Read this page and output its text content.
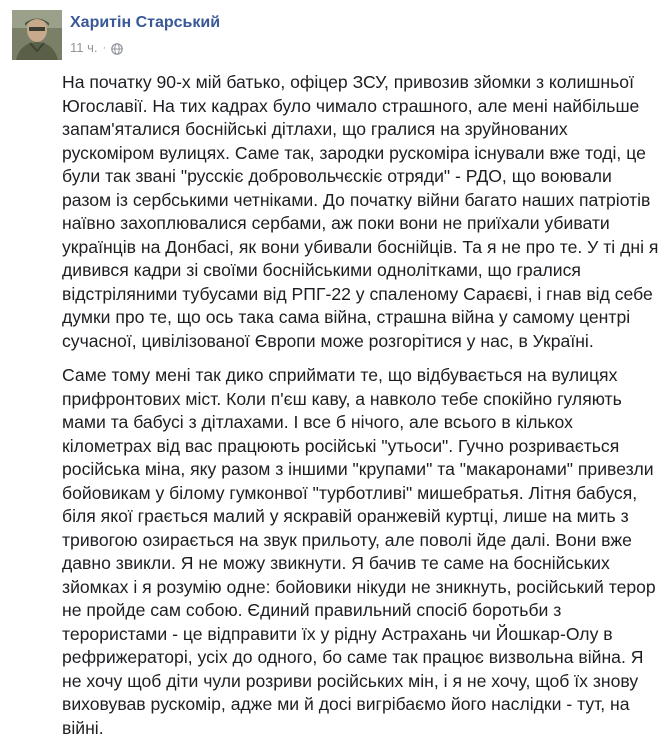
Харитін Старський
11 ч. ·

На початку 90-х мій батько, офіцер ЗСУ, привозив зйомки з колишньої
Югославії. На тих кадрах було чимало страшного, але мені найбільше
запам'яталися боснійські дітлахи, що гралися на зруйнованих
рускоміром вулицях. Саме так, зародки рускоміра існували вже тоді, це
були так звані "русскіє добровольчєскіє отряди" - РДО, що воювали
разом із сербськими четніками. До початку війни багато наших патріотів
наївно захоплювалися сербами, аж поки вони не приїхали убивати
українців на Донбасі, як вони убивали боснійців. Та я не про те. У ті дні я
дивився кадри зі своїми боснійськими однолітками, що гралися
відстріляними тубусами від РПГ-22 у спаленому Сараєві, і гнав від себе
думки про те, що ось така сама війна, страшна війна у самому центрі
сучасної, цивілізованої Європи може розгорітися у нас, в Україні.

Саме тому мені так дико сприймати те, що відбувається на вулицях
прифронтових міст. Коли п'єш каву, а навколо тебе спокійно гуляють
мами та бабусі з дітлахами. І все б нічого, але всього в кількох
кілометрах від вас працюють російські "утьоси". Гучно розривається
російська міна, яку разом з іншими "крупами" та "макаронами" привезли
бойовикам у білому гумконвої "турботливі" мишебратья. Літня бабуся,
біля якої грається малий у яскравій оранжевій куртці, лише на мить з
тривогою озирається на звук прильоту, але поволі йде далі. Вони вже
давно звикли. Я не можу звикнути. Я бачив те саме на боснійських
зйомках і я розумію одне: бойовики нікуди не зникнуть, російський терор
не пройде сам собою. Єдиний правильний спосіб боротьби з
терористами - це відправити їх у рідну Астрахань чи Йошкар-Олу в
рефрижераторі, усіх до одного, бо саме так працює визвольна війна. Я
не хочу щоб діти чули розриви російських мін, і я не хочу, щоб їх знову
виховував рускомір, адже ми й досі вигрібаємо його наслідки - тут, на
війні.
